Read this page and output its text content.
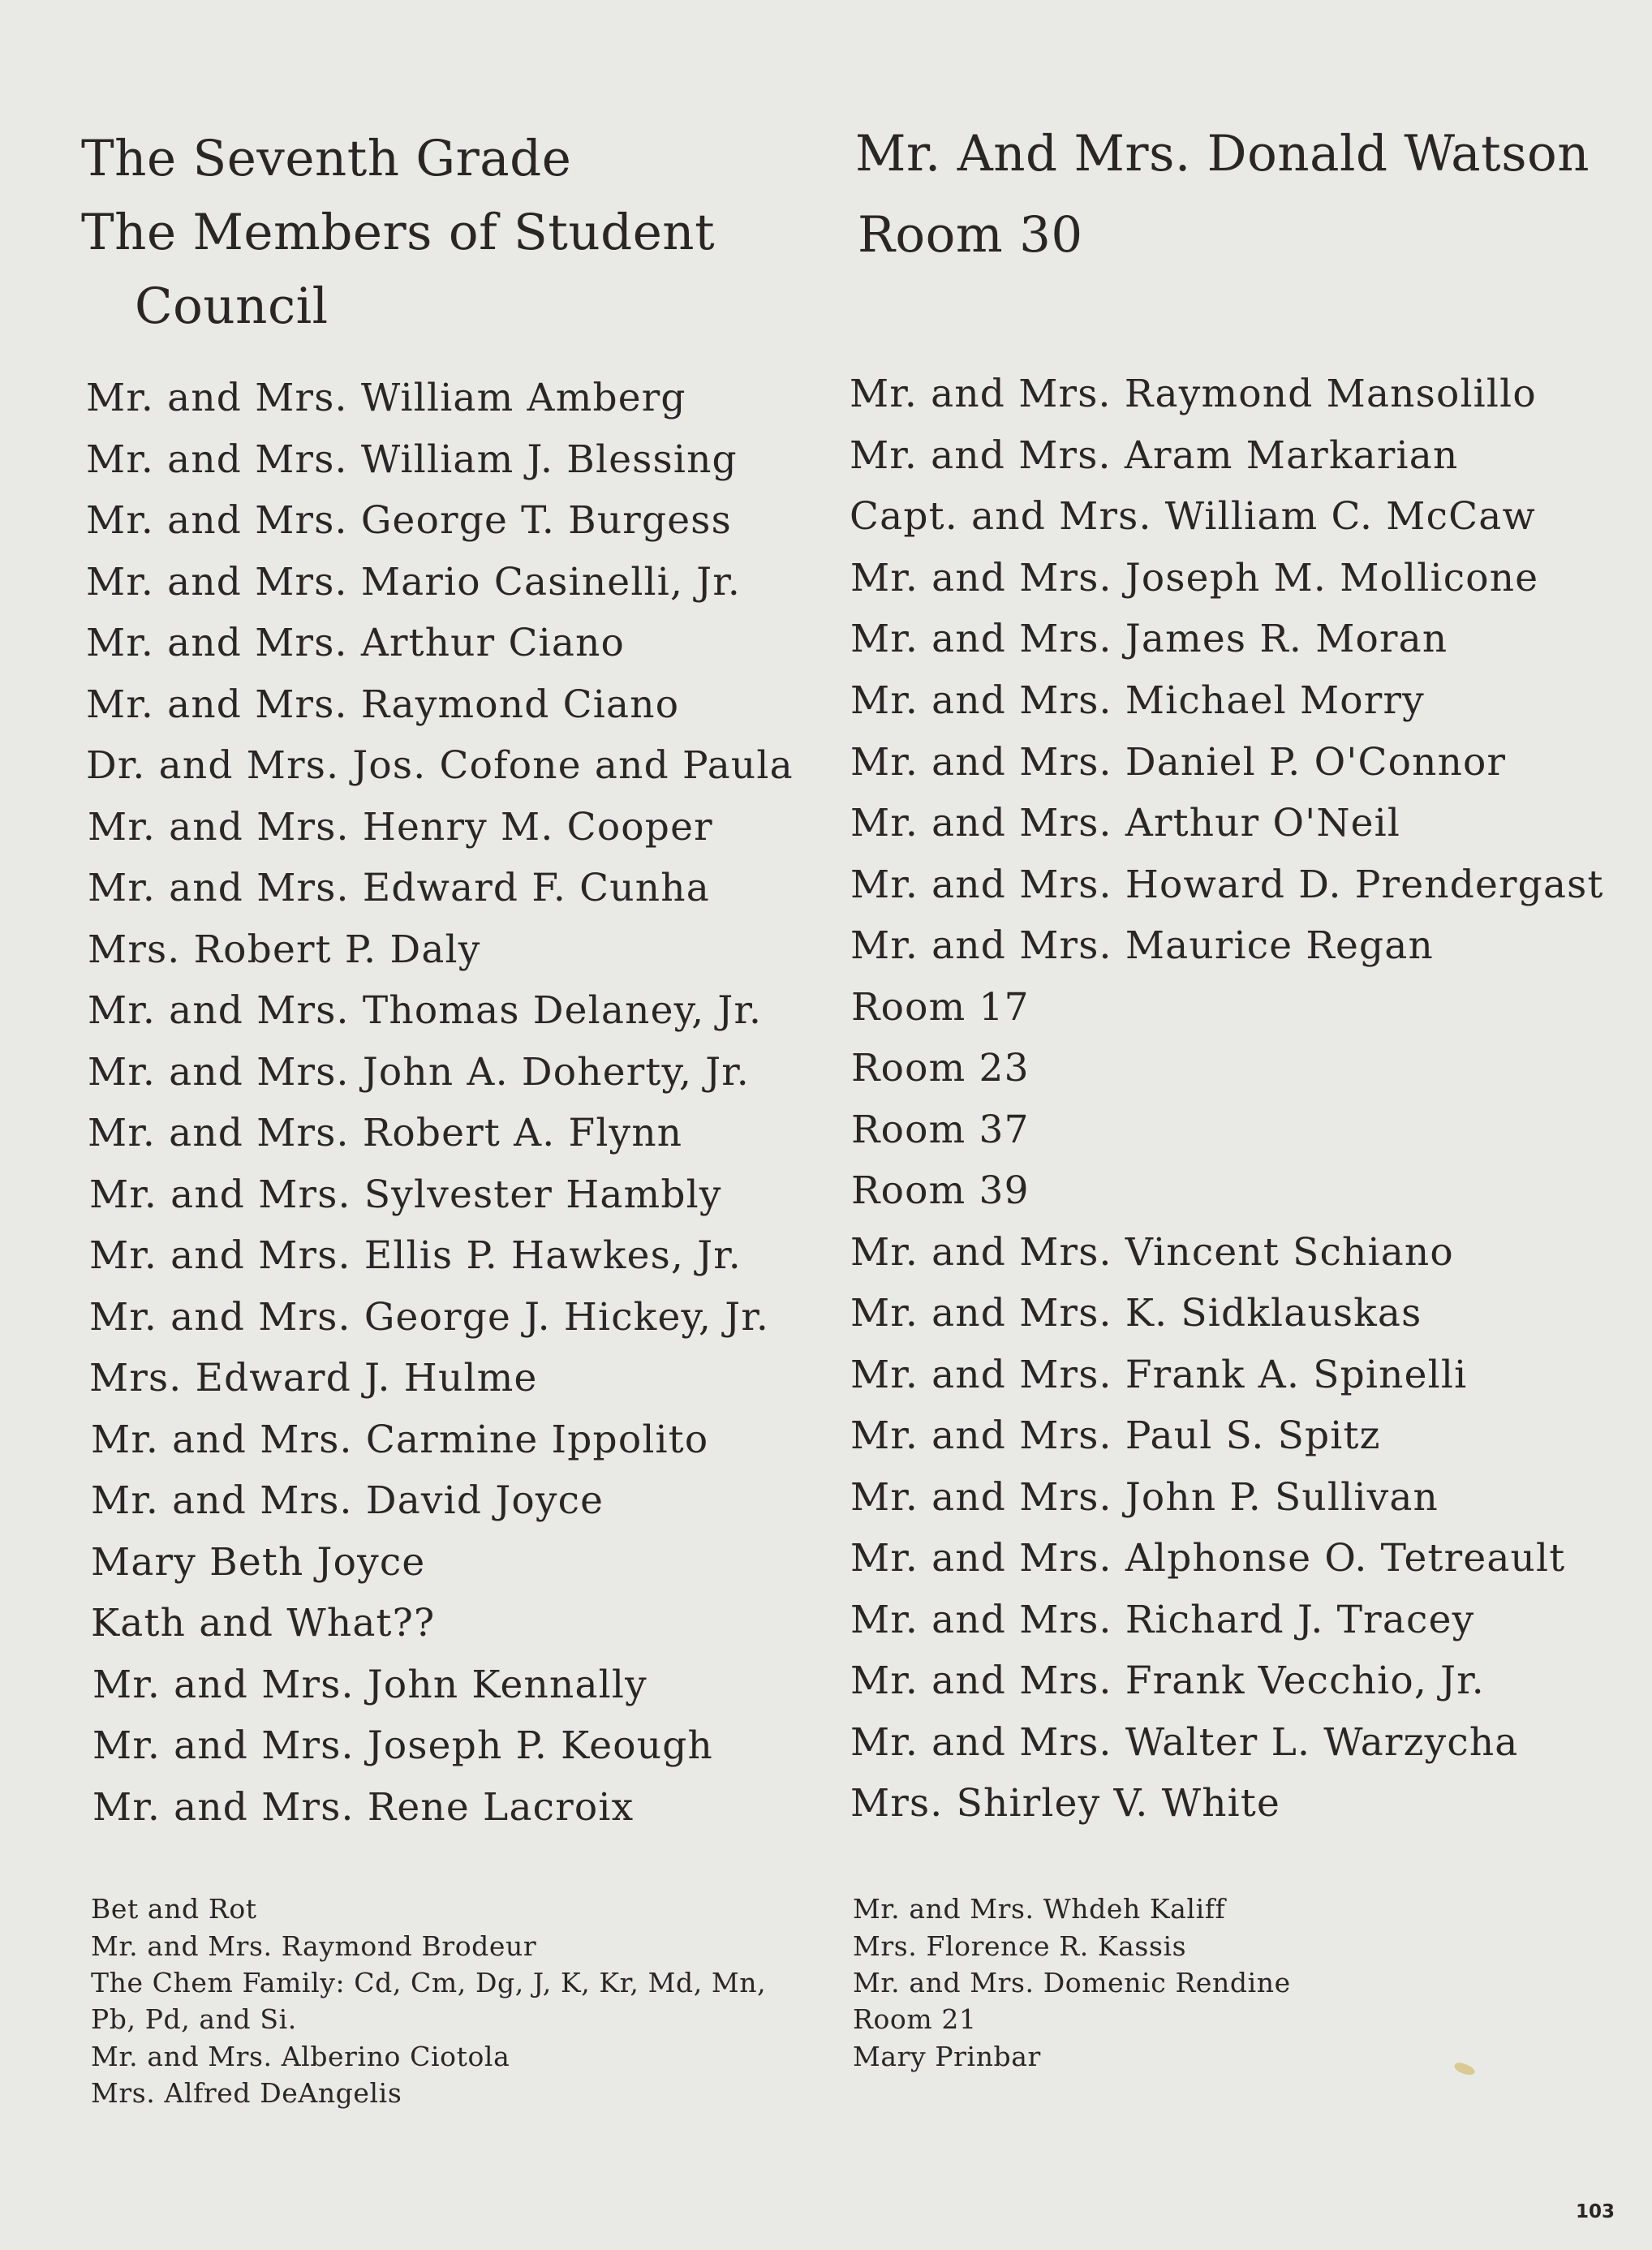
The Seventh Grade
The Members of Student
Council
Mr. and Mrs. William Amberg
Mr. and Mrs. William J. Blessing
Mr. and Mrs. George T. Burgess
Mr. and Mrs. Mario Casinelli, Jr.
Mr. and Mrs. Arthur Ciano
Mr. and Mrs. Raymond Ciano
Dr. and Mrs. Jos. Cofone and Paula
Mr. and Mrs. Henry M. Cooper
Mr. and Mrs. Edward F. Cunha
Mrs. Robert P. Daly
Mr. and Mrs. Thomas Delaney, Jr.
Mr. and Mrs. John A. Doherty, Jr.
Mr. and Mrs. Robert A. Flynn
Mr. and Mrs. Sylvester Hambly
Mr. and Mrs. Ellis P. Hawkes, Jr.
Mr. and Mrs. George J. Hickey, Jr.
Mrs. Edward J. Hulme
Mr. and Mrs. Carmine Ippolito
Mr. and Mrs. David Joyce
Mary Beth Joyce
Kath and What??
Mr. and Mrs. John Kennally
Mr. and Mrs. Joseph P. Keough
Mr. and Mrs. Rene Lacroix
Bet and Rot
Mr. and Mrs. Raymond Brodeur
The Chem Family: Cd, Cm, Dg, J, K, Kr, Md, Mn,
Pb, Pd, and Si.
Mr. and Mrs. Alberino Ciotola
Mrs. Alfred DeAngelis
Mr. And Mrs. Donald Watson
Room 30
Mr. and Mrs. Raymond Mansolillo
Mr. and Mrs. Aram Markarian
Capt. and Mrs. William C. McCaw
Mr. and Mrs. Joseph M. Mollicone
Mr. and Mrs. James R. Moran
Mr. and Mrs. Michael Morry
Mr. and Mrs. Daniel P. O'Connor
Mr. and Mrs. Arthur O'Neil
Mr. and Mrs. Howard D. Prendergast
Mr. and Mrs. Maurice Regan
Room 17
Room 23
Room 37
Room 39
Mr. and Mrs. Vincent Schiano
Mr. and Mrs. K. Sidklauskas
Mr. and Mrs. Frank A. Spinelli
Mr. and Mrs. Paul S. Spitz
Mr. and Mrs. John P. Sullivan
Mr. and Mrs. Alphonse O. Tetreault
Mr. and Mrs. Richard J. Tracey
Mr. and Mrs. Frank Vecchio, Jr.
Mr. and Mrs. Walter L. Warzycha
Mrs. Shirley V. White
Mr. and Mrs. Whdeh Kaliff
Mrs. Florence R. Kassis
Mr. and Mrs. Domenic Rendine
Room 21
Mary Prinbar
103
